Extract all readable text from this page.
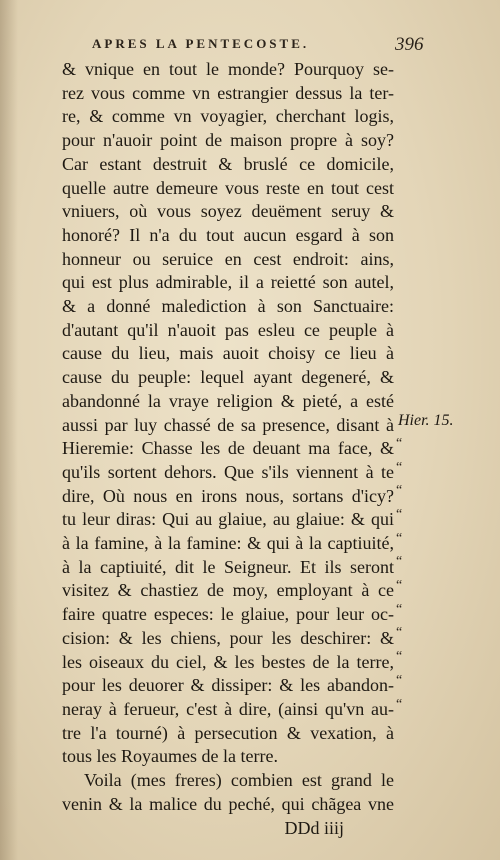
APRES LA PENTECOSTE.	396
& vnique en tout le monde? Pourquoy se-
rez vous comme vn estrangier dessus la ter-
re, & comme vn voyagier, cherchant logis,
pour n'auoir point de maison propre à soy?
Car estant destruit & bruslé ce domicile,
quelle autre demeure vous reste en tout cest
vniuers, où vous soyez deuëment seruy &
honoré? Il n'a du tout aucun esgard à son
honneur ou seruice en cest endroit: ains,
qui est plus admirable, il a reietté son autel,
& a donné malediction à son Sanctuaire:
d'autant qu'il n'auoit pas esleu ce peuple à
cause du lieu, mais auoit choisy ce lieu à
cause du peuple: lequel ayant degeneré, &
abandonné la vraye religion & pieté, a esté
aussi par luy chassé de sa presence, disant à
Hieremie: Chasse les de deuant ma face, &
qu'ils sortent dehors. Que s'ils viennent à te
dire, Où nous en irons nous, sortans d'icy?
tu leur diras: Qui au glaiue, au glaiue: & qui
à la famine, à la famine: & qui à la captiuité,
à la captiuité, dit le Seigneur. Et ils seront
visitez & chastiez de moy, employant à ce
faire quatre especes: le glaiue, pour leur oc-
cision: & les chiens, pour les deschirer: &
les oiseaux du ciel, & les bestes de la terre,
pour les deuorer & dissiper: & les abandon-
neray à ferueur, c'est à dire, (ainsi qu'vn au-
tre l'a tourné) à persecution & vexation, à
tous les Royaumes de la terre.
Voila (mes freres) combien est grand le
venin & la malice du peché, qui chãgea vne
DDd iiij
Hier. 15.
“
“
“
“
“
“
“
“
“
“
“
“
